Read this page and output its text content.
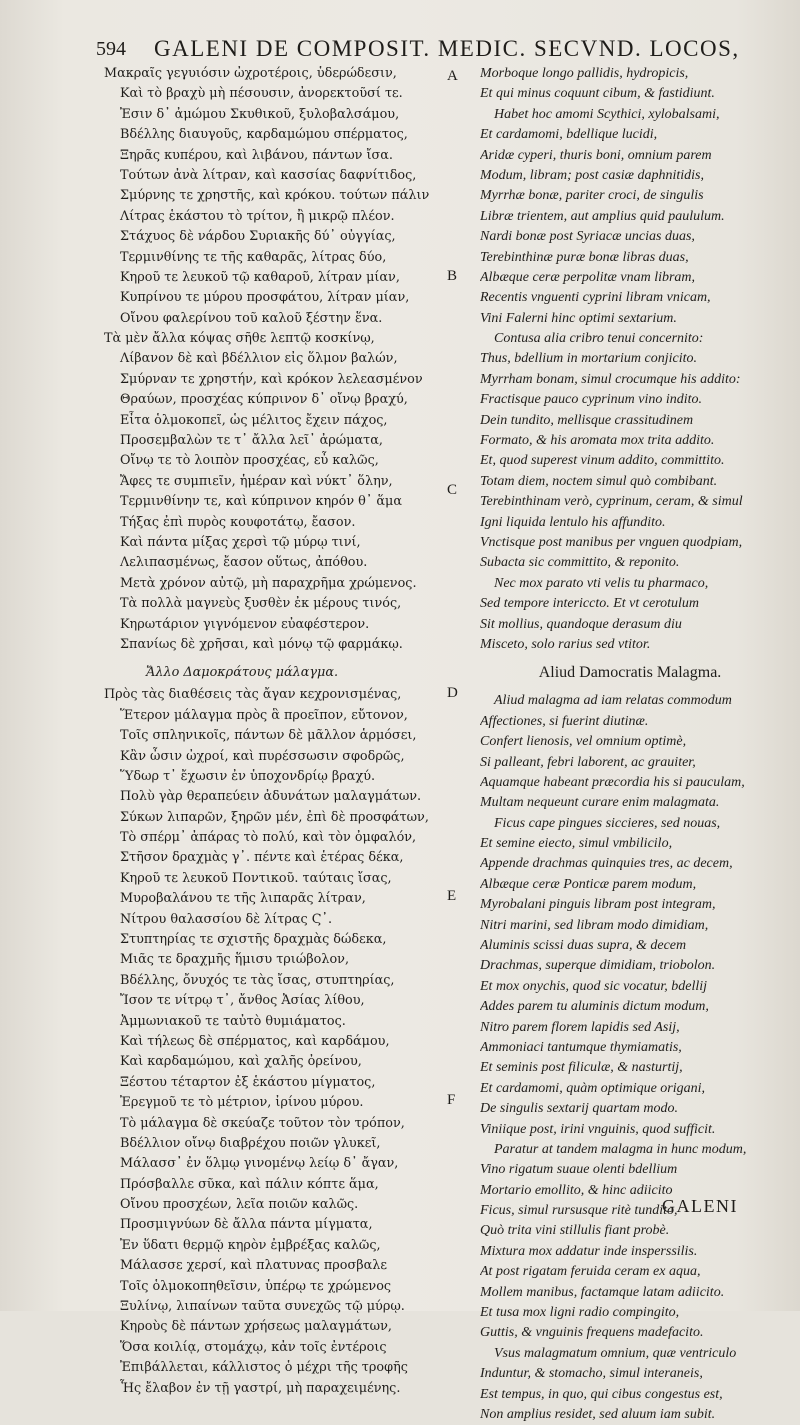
594 GALENI DE COMPOSIT. MEDIC. SECVND. LOCOS,
Μακραῖς γεγυιόσιν ὠχροτέροις, ὑδερώδεσιν,
Καὶ τὸ βραχὺ μὴ πέσουσιν, ἀνορεκτοῦσί τε.
Ἐσιν δ᾽ ἀμώμου Σκυθικοῦ, ξυλοβαλσάμου,
Βδέλλης διαυγοῦς, καρδαμώμου σπέρματος,
Ξηρᾶς κυπέρου, καὶ λιβάνου, πάντων ἴσα.
Τούτων ἀνὰ λίτραν, καὶ κασσίας δαφνίτιδος,
Σμύρνης τε χρηστῆς, καὶ κρόκου. τούτων πάλιν
Λίτρας ἑκάστου τὸ τρίτον, ἢ μικρῷ πλέον.
Στάχυος δὲ νάρδου Συριακῆς δύ᾽ οὐγγίας,
Τερμινθίνης τε τῆς καθαρᾶς, λίτρας δύο,
Κηροῦ τε λευκοῦ τῷ καθαροῦ, λίτραν μίαν,
Κυπρίνου τε μύρου προσφάτου, λίτραν μίαν,
Οἴνου φαλερίνου τοῦ καλοῦ ξέστην ἕνα.
Τὰ μὲν ἄλλα κόψας σῆθε λεπτῷ κοσκίνῳ,
Λίβανον δὲ καὶ βδέλλιον εἰς ὅλμον βαλών,
Σμύρναν τε χρηστήν, καὶ κρόκον λελεασμένον
Θραύων, προσχέας κύπρινον δ᾽ οἴνῳ βραχύ,
Εἶτα ὁλμοκοπεῖ, ὡς μέλιτος ἔχειν πάχος,
Προσεμβαλὼν τε τ᾽ ἄλλα λεῖ᾽ ἀρώματα,
Οἴνῳ τε τὸ λοιπὸν προσχέας, εὖ καλῶς,
Ἄφες τε συμπιεῖν, ἡμέραν καὶ νύκτ᾽ ὅλην,
Τερμινθίνην τε, καὶ κύπρινον κηρόν θ᾽ ἅμα
Τήξας ἐπὶ πυρὸς κουφοτάτῳ, ἔασον.
Καὶ πάντα μίξας χερσὶ τῷ μύρῳ τινί,
Λελιπασμένως, ἔασον οὕτως, ἀπόθου.
Μετὰ χρόνον αὐτῷ, μὴ παραχρῆμα χρώμενος.
Τὰ πολλὰ μαγνεὺς ξυσθὲν ἐκ μέρους τινός,
Κηρωτάριον γιγνόμενον εὐαφέστερον.
Σπανίως δὲ χρῆσαι, καὶ μόνῳ τῷ φαρμάκῳ.
Ἄλλο Δαμοκράτους μάλαγμα.
Πρὸς τὰς διαθέσεις τὰς ἄγαν κεχρονισμένας,
Ἕτερον μάλαγμα πρὸς ἃ προεῖπον, εὔτονον,
Τοῖς σπληνικοῖς, πάντων δὲ μᾶλλον ἁρμόσει,
Κἂν ὦσιν ὠχροί, καὶ πυρέσσωσιν σφοδρῶς,
Ὕδωρ τ᾽ ἔχωσιν ἐν ὑποχονδρίῳ βραχύ.
Πολὺ γὰρ θεραπεύειν ἀδυνάτων μαλαγμάτων.
Σύκων λιπαρῶν, ξηρῶν μέν, ἐπὶ δὲ προσφάτων,
Τὸ σπέρμ᾽ ἀπάρας τὸ πολύ, καὶ τὸν ὀμφαλόν,
Στῆσον δραχμὰς γ᾽. πέντε καὶ ἑτέρας δέκα,
Κηροῦ τε λευκοῦ Ποντικοῦ. ταύταις ἴσας,
Μυροβαλάνου τε τῆς λιπαρᾶς λίτραν,
Νίτρου θαλασσίου δὲ λίτρας Ϛ᾽.
Στυπτηρίας τε σχιστῆς δραχμὰς δώδεκα,
Μιᾶς τε δραχμῆς ἥμισυ τριώβολον,
Βδέλλης, ὄνυχός τε τὰς ἴσας, στυπτηρίας,
Ἴσον τε νίτρῳ τ᾽, ἄνθος Ἀσίας λίθου,
Ἀμμωνιακοῦ τε ταὐτὸ θυμιάματος.
Καὶ τήλεως δὲ σπέρματος, καὶ καρδάμου,
Καὶ καρδαμώμου, καὶ χαλῆς ὀρείνου,
Ξέστου τέταρτον ἐξ ἑκάστου μίγματος,
Ἐρεγμοῦ τε τὸ μέτριον, ἰρίνου μύρου.
Τὸ μάλαγμα δὲ σκεύαζε τοῦτον τὸν τρόπον,
Βδέλλιον οἴνῳ διαβρέχου ποιῶν γλυκεῖ,
Μάλασσ᾽ ἐν ὅλμῳ γινομένῳ λείῳ δ᾽ ἄγαν,
Πρόσβαλλε σῦκα, καὶ πάλιν κόπτε ἅμα,
Οἴνου προσχέων, λεῖα ποιῶν καλῶς.
Προσμιγνύων δὲ ἄλλα πάντα μίγματα,
Ἐν ὕδατι θερμῷ κηρὸν ἐμβρέξας καλῶς,
Μάλασσε χερσί, καὶ πλατυνας προσβαλε
Τοῖς ὁλμοκοπηθεῖσιν, ὑπέρῳ τε χρώμενος
Ξυλίνῳ, λιπαίνων ταῦτα συνεχῶς τῷ μύρῳ.
Κηροὺς δὲ πάντων χρήσεως μαλαγμάτων,
Ὅσα κοιλίᾳ, στομάχῳ, κἀν τοῖς ἐντέροις
Ἐπιβάλλεται, κάλλιστος ὁ μέχρι τῆς τροφῆς
Ἧς ἔλαβον ἐν τῇ γαστρί, μὴ παραχειμένης.
Morboque longo pallidis, hydropicis,
Et qui minus coquunt cibum, & fastidiunt.
Habet hoc amomi Scythici, xylobalsami,
Et cardamomi, bdellique lucidi,
Aridæ cyperi, thuris boni, omnium parem
Modum, libram; post casiæ daphnitidis,
Myrrhæ bonæ, pariter croci, de singulis
Libræ trientem, aut amplius quid paululum.
Nardi bonæ post Syriacæ uncias duas,
Terebinthinæ puræ bonæ libras duas,
Albæque ceræ perpolitæ vnam libram,
Recentis vnguenti cyprini libram vnicam,
Vini Falerni hinc optimi sextarium.
Contusa alia cribro tenui concernito:
Thus, bdellium in mortarium conjicito.
Myrrham bonam, simul crocumque his addito:
Fractisque pauco cyprinum vino indito.
Dein tundito, mellisque crassitudinem
Formato, & his aromata mox trita addito.
Et, quod superest vinum addito, committito.
Totam diem, noctem simul quò combibant.
Terebinthinam verò, cyprinum, ceram, & simul
Igni liquida lentulo his affundito.
Vnctisque post manibus per vnguen quodpiam,
Subacta sic committito, & reponito.
Nec mox parato vti velis tu pharmaco,
Sed tempore intericcto. Et vt cerotulum
Sit mollius, quandoque derasum diu
Misceto, solo rarius sed vtitor.
Aliud Damocratis Malagma.
Aliud malagma ad iam relatas commodum
Affectiones, si fuerint diutinæ.
Confert lienosis, vel omnium optimè,
Si palleant, febri laborent, ac grauiter,
Aquamque habeant præcordia his si pauculam,
Multam nequeunt curare enim malagmata.
Ficus cape pingues siccieres, sed nouas,
Et semine eiecto, simul vmbilicilo,
Appende drachmas quinquies tres, ac decem,
Albæque ceræ Ponticæ parem modum,
Myrobalani pinguis libram post integram,
Nitri marini, sed libram modo dimidiam,
Aluminis scissi duas supra, & decem
Drachmas, superque dimidiam, triobolon.
Et mox onychis, quod sic vocatur, bdellij
Addes parem tu aluminis dictum modum,
Nitro parem florem lapidis sed Asij,
Ammoniaci tantumque thymiamatis,
Et seminis post filiculæ, & nasturtij,
Et cardamomi, quàm optimique origani,
De singulis sextarij quartam modo.
Viniique post, irini vnguinis, quod sufficit.
Paratur at tandem malagma in hunc modum,
Vino rigatum suaue olenti bdellium
Mortario emollito, & hinc adiicito
Ficus, simul rursusque ritè tundito,
Quò trita vini stillulis fiant probè.
Mixtura mox addatur inde insperssilis.
At post rigatam feruida ceram ex aqua,
Mollem manibus, factamque latam adiicito.
Et tusa mox ligni radio compingito,
Guttis, & vnguinis frequens madefacito.
Vsus malagmatum omnium, quæ ventriculo
Induntur, & stomacho, simul interaneis,
Est tempus, in quo, qui cibus congestus est,
Non amplius residet, sed aluum iam subit.
A
B
C
D
E
F
GALENI
